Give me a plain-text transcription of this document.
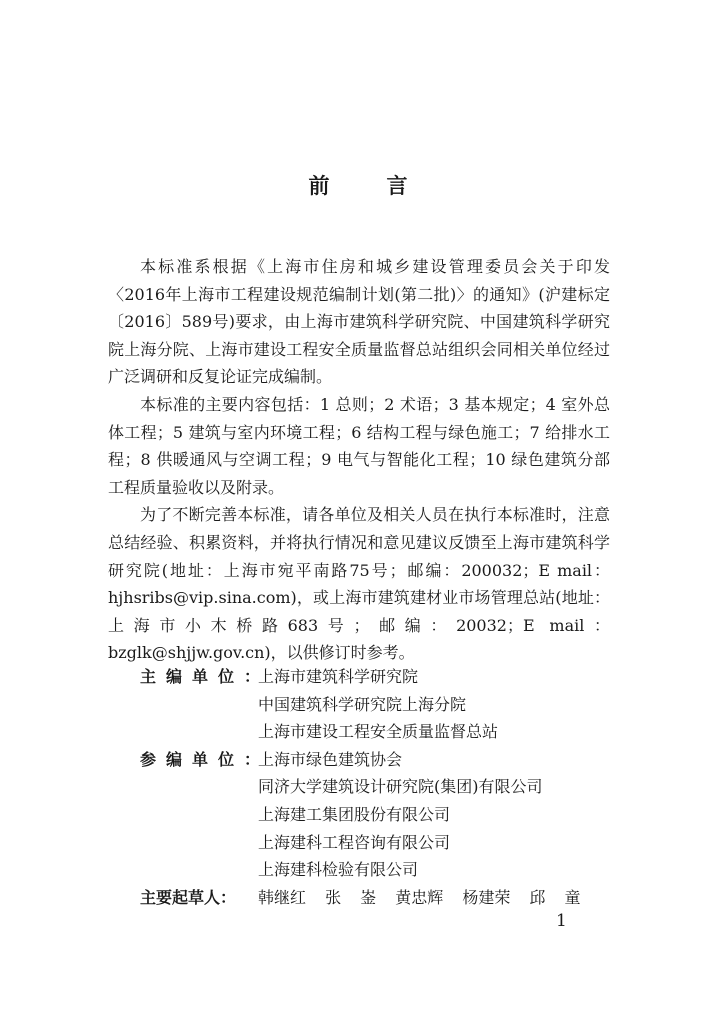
前　言

本标准系根据《上海市住房和城乡建设管理委员会关于印发〈2016年上海市工程建设规范编制计划(第二批)〉的通知》(沪建标定〔2016〕589号)要求，由上海市建筑科学研究院、中国建筑科学研究院上海分院、上海市建设工程安全质量监督总站组织会同相关单位经过广泛调研和反复论证完成编制。

本标准的主要内容包括：1 总则；2 术语；3 基本规定；4 室外总体工程；5 建筑与室内环境工程；6 结构工程与绿色施工；7 给排水工程；8 供暖通风与空调工程；9 电气与智能化工程；10 绿色建筑分部工程质量验收以及附录。

为了不断完善本标准，请各单位及相关人员在执行本标准时，注意总结经验、积累资料，并将执行情况和意见建议反馈至上海市建筑科学研究院(地址：上海市宛平南路75号；邮编：200032；E mail：hjhsribs@vip.sina.com)，或上海市建筑建材业市场管理总站(地址：上海市小木桥路683号；邮编：20032；E mail：bzglk@shjjw.gov.cn)，以供修订时参考。

主编单位：
上海市建筑科学研究院
中国建筑科学研究院上海分院
上海市建设工程安全质量监督总站
参编单位：
上海市绿色建筑协会
同济大学建筑设计研究院(集团)有限公司
上海建工集团股份有限公司
上海建科工程咨询有限公司
上海建科检验有限公司
主要起草人：	韩继红 张 崟 黄忠辉 杨建荣 邱 童
1
